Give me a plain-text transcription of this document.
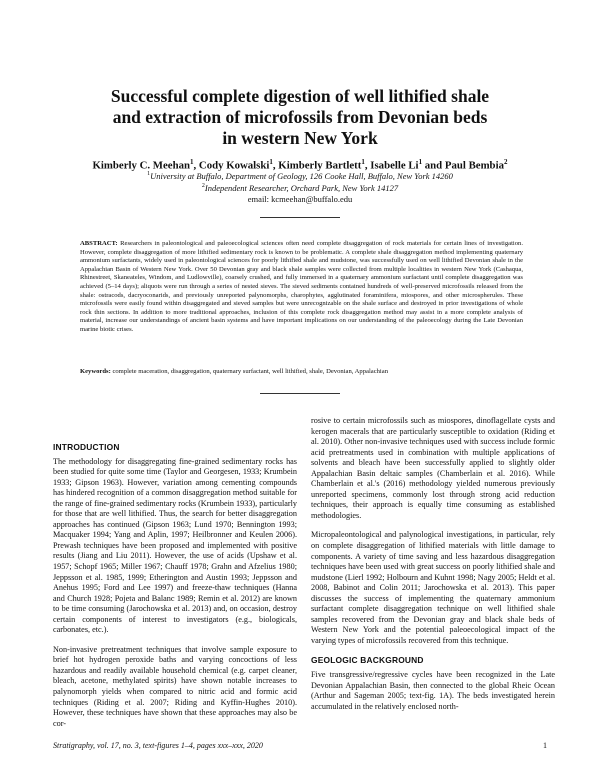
Successful complete digestion of well lithified shale
and extraction of microfossils from Devonian beds
in western New York
Kimberly C. Meehan$^1$, Cody Kowalski$^1$, Kimberly Bartlett$^1$, Isabelle Li$^1$ and Paul Bembia$^2$
$^1$University at Buffalo, Department of Geology, 126 Cooke Hall, Buffalo, New York 14260
$^2$Independent Researcher, Orchard Park, New York 14127
email: kcmeehan@buffalo.edu
ABSTRACT: Researchers in paleontological and paleoecological sciences often need complete disaggregation of rock materials for certain lines of investigation. However, complete disaggregation of more lithified sedimentary rock is known to be problematic. A complete shale disaggregation method implementing quaternary ammonium surfactants, widely used in paleontological sciences for poorly lithified shale and mudstone, was successfully used on well lithified Devonian shale in the Appalachian Basin of Western New York. Over 50 Devonian gray and black shale samples were collected from multiple localities in western New York (Cashaqua, Rhinestreet, Skaneateles, Windom, and Ludlowville), coarsely crushed, and fully immersed in a quaternary ammonium surfactant until complete disaggregation was achieved (5–14 days); aliquots were run through a series of nested sieves. The sieved sediments contained hundreds of well-preserved microfossils released from the shale: ostracods, dacryoconarids, and previously unreported palynomorphs, charophytes, agglutinated foraminifera, miospores, and other microspherules. These microfossils were easily found within disaggregated and sieved samples but were unrecognizable on the shale surface and destroyed in prior investigations of whole rock thin sections. In addition to more traditional approaches, inclusion of this complete rock disaggregation method may assist in a more complete analysis of material, increase our understandings of ancient basin systems and have important implications on our understanding of the paleoecology during the Late Devonian marine biotic crises.
Keywords: complete maceration, disaggregation, quaternary surfactant, well lithified, shale, Devonian, Appalachian
INTRODUCTION

The methodology for disaggregating fine-grained sedimentary rocks has been studied for quite some time (Taylor and Georgesen, 1933; Krumbein 1933; Gipson 1963). However, variation among cementing compounds has hindered recognition of a common disaggregation method suitable for the range of fine-grained sedimentary rocks (Krumbein 1933), particularly for those that are well lithified. Thus, the search for better disaggregation approaches has continued (Gipson 1963; Lund 1970; Bennington 1993; Macquaker 1994; Yang and Aplin, 1997; Heilbronner and Keulen 2006). Prewash techniques have been proposed and implemented with positive results (Jiang and Liu 2011). However, the use of acids (Upshaw et al. 1957; Schopf 1965; Miller 1967; Chauff 1978; Grahn and Afzelius 1980; Jeppsson et al. 1985, 1999; Etherington and Austin 1993; Jeppsson and Anehus 1995; Ford and Lee 1997) and freeze-thaw techniques (Hanna and Church 1928; Pojeta and Balanc 1989; Remin et al. 2012) are known to be time consuming (Jarochowska et al. 2013) and, on occasion, destroy certain components of interest to investigators (e.g., biologicals, carbonates, etc.).

Non-invasive pretreatment techniques that involve sample exposure to brief hot hydrogen peroxide baths and varying concoctions of less hazardous and readily available household chemical (e.g. carpet cleaner, bleach, acetone, methylated spirits) have shown notable increases to palynomorph yields when compared to nitric acid and formic acid techniques (Riding et al. 2007; Riding and Kyffin-Hughes 2010). However, these techniques have shown that these approaches may also be cor-

rosive to certain microfossils such as miospores, dinoflagellate cysts and kerogen macerals that are particularly susceptible to oxidation (Riding et al. 2010). Other non-invasive techniques used with success include formic acid pretreatments used in combination with multiple applications of solvents and bleach have been successfully applied to slightly older Appalachian Basin deltaic samples (Chamberlain et al. 2016). While Chamberlain et al.'s (2016) methodology yielded numerous previously unreported specimens, commonly lost through strong acid reduction techniques, their approach is equally time consuming as established methodologies.

Micropaleontological and palynological investigations, in particular, rely on complete disaggregation of lithified materials with little damage to components. A variety of time saving and less hazardous disaggregation techniques have been used with great success on poorly lithified shale and mudstone (Lierl 1992; Holbourn and Kuhnt 1998; Nagy 2005; Heldt et al. 2008, Babinot and Colin 2011; Jarochowska et al. 2013). This paper discusses the success of implementing the quaternary ammonium surfactant complete disaggregation technique on well lithified shale samples recovered from the Devonian gray and black shale beds of Western New York and the potential paleoecological impact of the varying types of microfossils recovered from this technique.

GEOLOGIC BACKGROUND

Five transgressive/regressive cycles have been recognized in the Late Devonian Appalachian Basin, then connected to the global Rheic Ocean (Arthur and Sageman 2005; text-fig. 1A). The beds investigated herein accumulated in the relatively enclosed north-

Stratigraphy, vol. 17, no. 3, text-figures 1–4, pages xxx–xxx, 2020	1
